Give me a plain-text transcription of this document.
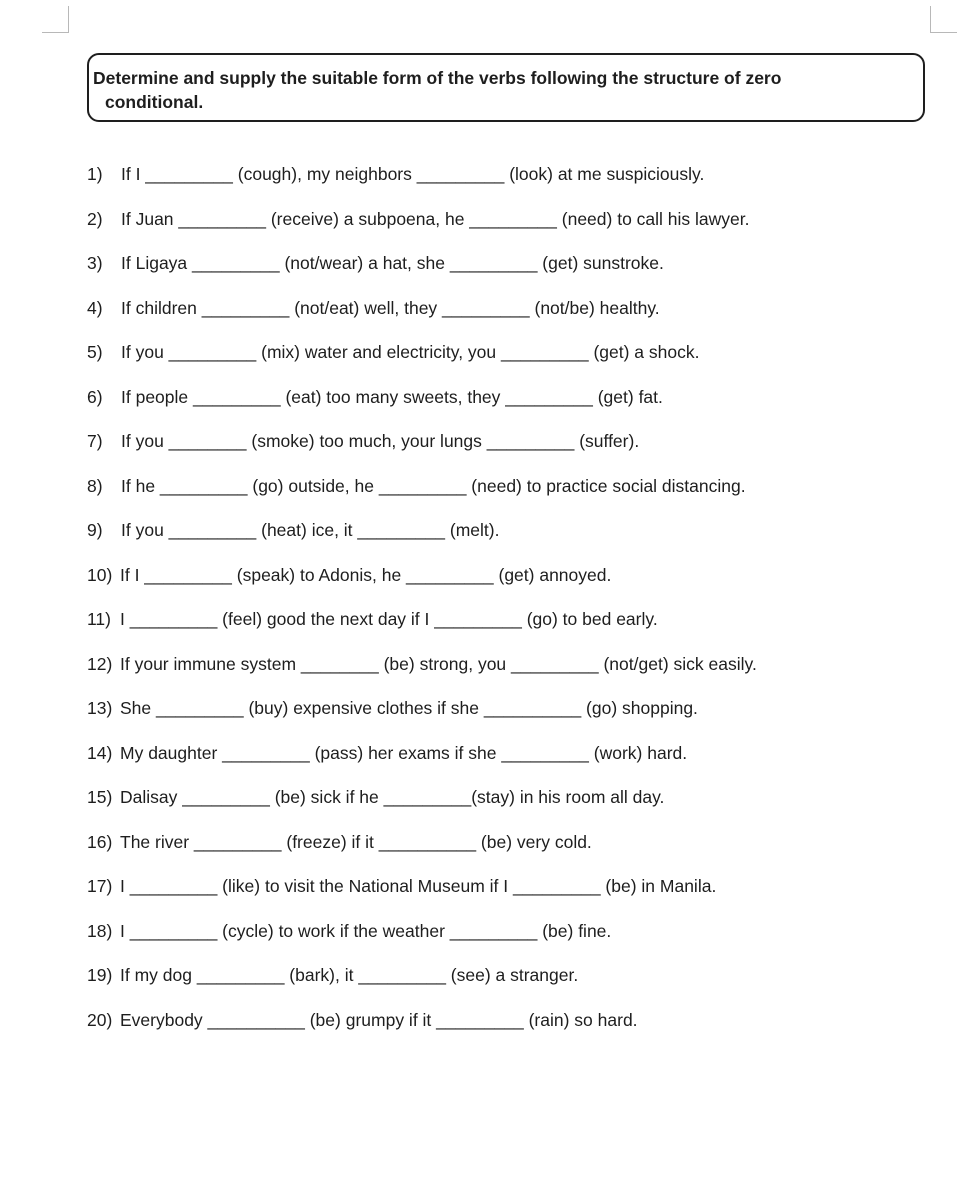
Determine and supply the suitable form of the verbs following the structure of zero
conditional.
1) If I _________ (cough), my neighbors _________ (look) at me suspiciously.
2) If Juan _________ (receive) a subpoena, he _________ (need) to call his lawyer.
3) If Ligaya _________ (not/wear) a hat, she _________ (get) sunstroke.
4) If children _________ (not/eat) well, they _________ (not/be) healthy.
5) If you _________ (mix) water and electricity, you _________ (get) a shock.
6) If people _________ (eat) too many sweets, they _________ (get) fat.
7) If you ________ (smoke) too much, your lungs _________ (suffer).
8) If he _________ (go) outside, he _________ (need) to practice social distancing.
9) If you _________ (heat) ice, it _________ (melt).
10) If I _________ (speak) to Adonis, he _________ (get) annoyed.
11) I _________ (feel) good the next day if I _________ (go) to bed early.
12) If your immune system ________ (be) strong, you _________ (not/get) sick easily.
13) She _________ (buy) expensive clothes if she __________ (go) shopping.
14) My daughter _________ (pass) her exams if she _________ (work) hard.
15) Dalisay _________ (be) sick if he _________(stay) in his room all day.
16) The river _________ (freeze) if it __________ (be) very cold.
17) I _________ (like) to visit the National Museum if I _________ (be) in Manila.
18) I _________ (cycle) to work if the weather _________ (be) fine.
19) If my dog _________ (bark), it _________ (see) a stranger.
20) Everybody __________ (be) grumpy if it _________ (rain) so hard.
